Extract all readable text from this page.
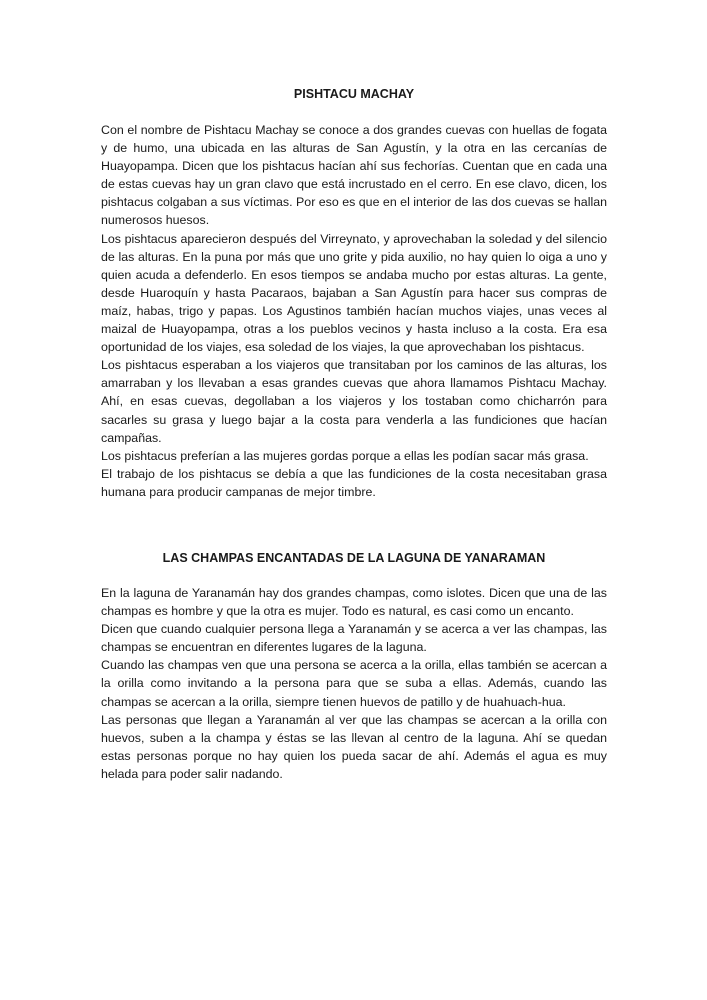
PISHTACU MACHAY

Con el nombre de Pishtacu Machay se conoce a dos grandes cuevas con huellas de fogata y de humo, una ubicada en las alturas de San Agustín, y la otra en las cercanías de Huayopampa. Dicen que los pishtacus hacían ahí sus fechorías. Cuentan que en cada una de estas cuevas hay un gran clavo que está incrustado en el cerro. En ese clavo, dicen, los pishtacus colgaban a sus víctimas. Por eso es que en el interior de las dos cuevas se hallan numerosos huesos.

Los pishtacus aparecieron después del Virreynato, y aprovechaban la soledad y del silencio de las alturas. En la puna por más que uno grite y pida auxilio, no hay quien lo oiga a uno y quien acuda a defenderlo. En esos tiempos se andaba mucho por estas alturas. La gente, desde Huaroquín y hasta Pacaraos, bajaban a San Agustín para hacer sus compras de maíz, habas, trigo y papas. Los Agustinos también hacían muchos viajes, unas veces al maizal de Huayopampa, otras a los pueblos vecinos y hasta incluso a la costa. Era esa oportunidad de los viajes, esa soledad de los viajes, la que aprovechaban los pishtacus.

Los pishtacus esperaban a los viajeros que transitaban por los caminos de las alturas, los amarraban y los llevaban a esas grandes cuevas que ahora llamamos Pishtacu Machay. Ahí, en esas cuevas, degollaban a los viajeros y los tostaban como chicharrón para sacarles su grasa y luego bajar a la costa para venderla a las fundiciones que hacían campañas.

Los pishtacus preferían a las mujeres gordas porque a ellas les podían sacar más grasa.

El trabajo de los pishtacus se debía a que las fundiciones de la costa necesitaban grasa humana para producir campanas de mejor timbre.

LAS CHAMPAS ENCANTADAS DE LA LAGUNA DE YANARAMAN

En la laguna de Yaranamán hay dos grandes champas, como islotes. Dicen que una de las champas es hombre y que la otra es mujer. Todo es natural, es casi como un encanto.

Dicen que cuando cualquier persona llega a Yaranamán y se acerca a ver las champas, las champas se encuentran en diferentes lugares de la laguna.

Cuando las champas ven que una persona se acerca a la orilla, ellas también se acercan a la orilla como invitando a la persona para que se suba a ellas. Además, cuando las champas se acercan a la orilla, siempre tienen huevos de patillo y de huahuach-hua.

Las personas que llegan a Yaranamán al ver que las champas se acercan a la orilla con huevos, suben a la champa y éstas se las llevan al centro de la laguna. Ahí se quedan estas personas porque no hay quien los pueda sacar de ahí. Además el agua es muy helada para poder salir nadando.
